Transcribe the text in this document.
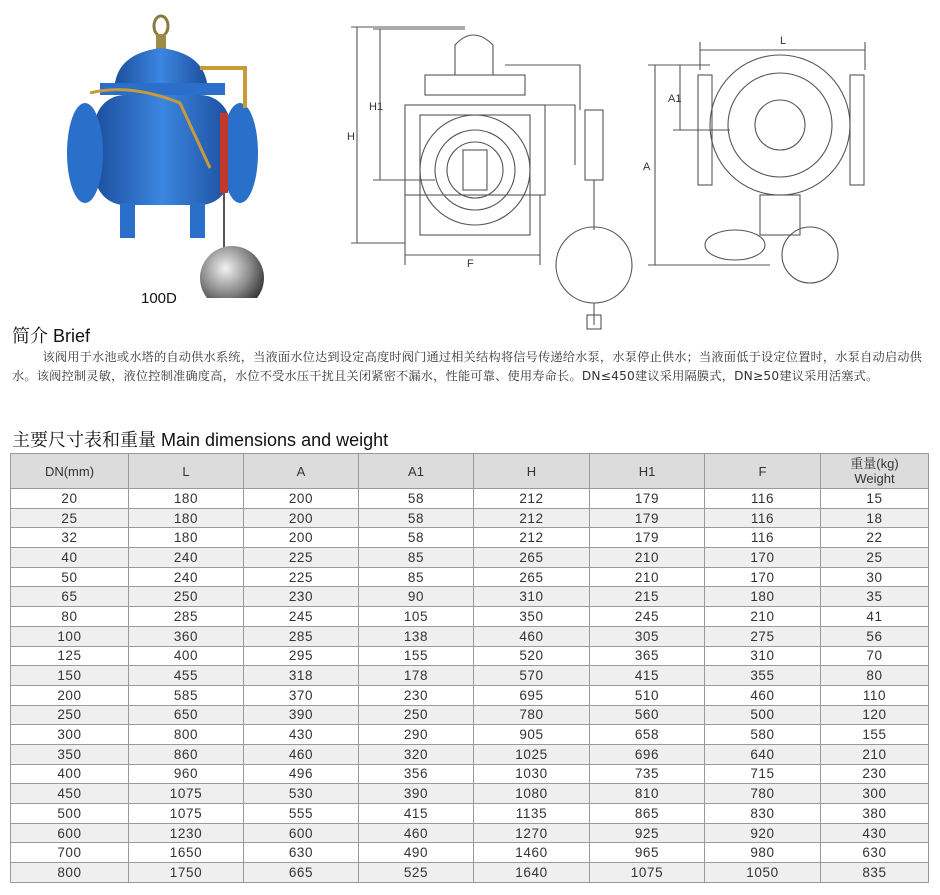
100D
H
H1
F
L
A
A1
简介 Brief

该阀用于水池或水塔的自动供水系统，当液面水位达到设定高度时阀门通过相关结构将信号传递给水泵，水泵停止供水；当液面低于设定位置时，水泵自动启动供水。该阀控制灵敏，液位控制准确度高，水位不受水压干扰且关闭紧密不漏水，性能可靠、使用寿命长。DN≤450建议采用隔膜式，DN≥50建议采用活塞式。

主要尺寸表和重量 Main dimensions and weight
DN(mm)	L	A	A1	H	H1	F	重量(kg)
Weight

20	180	200	58	212	179	116	15
25	180	200	58	212	179	116	18
32	180	200	58	212	179	116	22
40	240	225	85	265	210	170	25
50	240	225	85	265	210	170	30
65	250	230	90	310	215	180	35
80	285	245	105	350	245	210	41
100	360	285	138	460	305	275	56
125	400	295	155	520	365	310	70
150	455	318	178	570	415	355	80
200	585	370	230	695	510	460	110
250	650	390	250	780	560	500	120
300	800	430	290	905	658	580	155
350	860	460	320	1025	696	640	210
400	960	496	356	1030	735	715	230
450	1075	530	390	1080	810	780	300
500	1075	555	415	1135	865	830	380
600	1230	600	460	1270	925	920	430
700	1650	630	490	1460	965	980	630
800	1750	665	525	1640	1075	1050	835
